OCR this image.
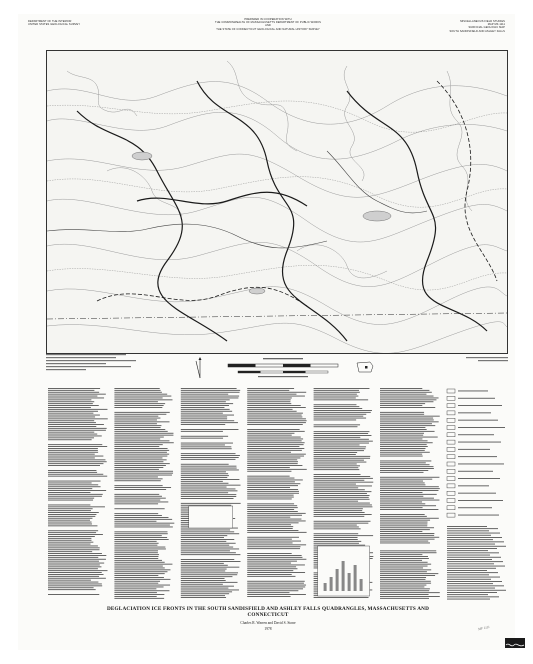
DEPARTMENT OF THE INTERIOR
UNITED STATES GEOLOGICAL SURVEY
PREPARED IN COOPERATION WITH
THE COMMONWEALTH OF MASSACHUSETTS DEPARTMENT OF PUBLIC WORKS
AND
THE STATE OF CONNECTICUT GEOLOGICAL AND NATURAL HISTORY SURVEY
MISCELLANEOUS FIELD STUDIES
MAP MF-1111
SURFICIAL GEOLOGIC MAP
SOUTH SANDISFIELD AND ASHLEY FALLS
DEGLACIATION ICE FRONTS IN THE SOUTH SANDISFIELD AND ASHLEY FALLS QUADRANGLES, MASSACHUSETTS AND CONNECTICUT
Charles R. Warren and David S. Stone
1978	MF 1111
